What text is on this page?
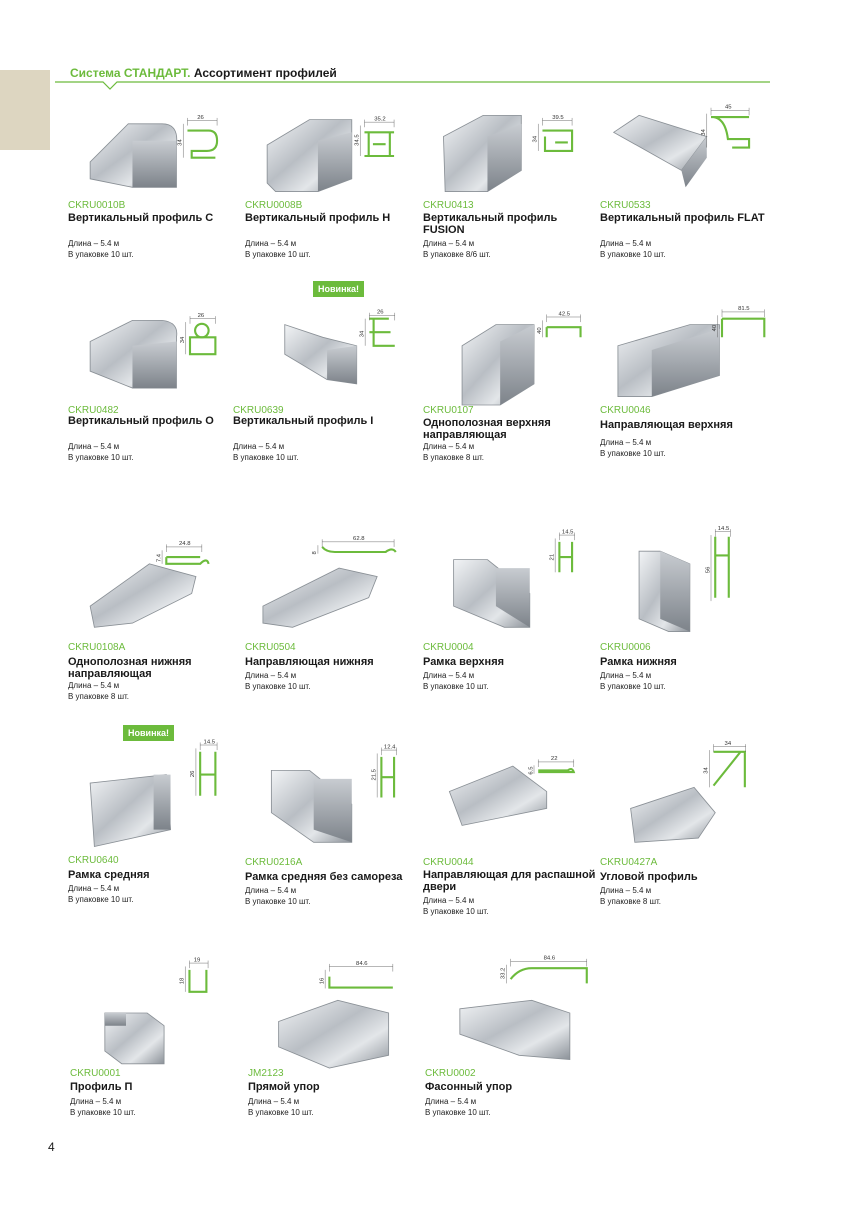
Система СТАНДАРТ. Ассортимент профилей
26
34
CKRU0010B
Вертикальный профиль С
Длина – 5.4 м
В упаковке 10 шт.
35.2
34.5
CKRU0008B
Вертикальный профиль Н
Длина – 5.4 м
В упаковке 10 шт.
39.5
34
CKRU0413
Вертикальный профиль FUSION
Длина – 5.4 м
В упаковке 8/6 шт.
45
34
CKRU0533
Вертикальный профиль FLAT
Длина – 5.4 м
В упаковке 10 шт.
26
34
CKRU0482
Вертикальный профиль О
Длина – 5.4 м
В упаковке 10 шт.
26
34
Новинка!
CKRU0639
Вертикальный профиль I
Длина – 5.4 м
В упаковке 10 шт.
42.5
40
CKRU0107
Однополозная верхняя направляющая
Длина – 5.4 м
В упаковке 8 шт.
81.5
40
CKRU0046
Направляющая верхняя
Длина – 5.4 м
В упаковке 10 шт.
24.8
7.4
CKRU0108A
Однополозная нижняя направляющая
Длина – 5.4 м
В упаковке 8 шт.
62.8
8
CKRU0504
Направляющая нижняя
Длина – 5.4 м
В упаковке 10 шт.
14.5
21
CKRU0004
Рамка верхняя
Длина – 5.4 м
В упаковке 10 шт.
14.5
56
CKRU0006
Рамка нижняя
Длина – 5.4 м
В упаковке 10 шт.
14.5
26
Новинка!
CKRU0640
Рамка средняя
Длина – 5.4 м
В упаковке 10 шт.
12.4
21.5
CKRU0216A
Рамка средняя без самореза
Длина – 5.4 м
В упаковке 10 шт.
22
6.5
CKRU0044
Направляющая для распашной двери
Длина – 5.4 м
В упаковке 10 шт.
34
34
CKRU0427A
Угловой профиль
Длина – 5.4 м
В упаковке 8 шт.
19
18
CKRU0001
Профиль П
Длина – 5.4 м
В упаковке 10 шт.
84.6
16
JM2123
Прямой упор
Длина – 5.4 м
В упаковке 10 шт.
84.6
33.2
CKRU0002
Фасонный упор
Длина – 5.4 м
В упаковке 10 шт.
4
